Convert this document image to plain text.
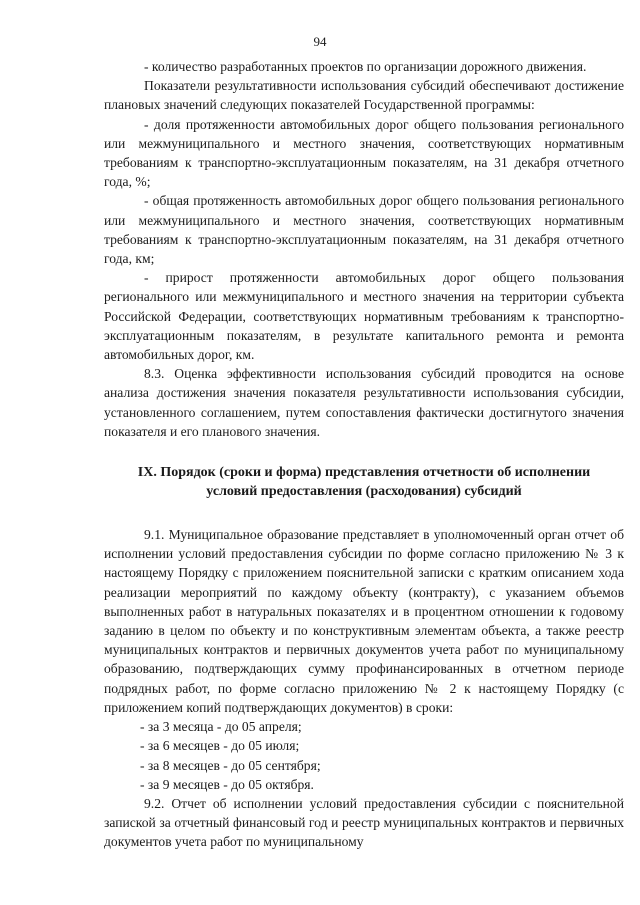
94

- количество разработанных проектов по организации дорожного движения.

Показатели результативности использования субсидий обеспечивают достижение плановых значений следующих показателей Государственной программы:

- доля протяженности автомобильных дорог общего пользования регионального или межмуниципального и местного значения, соответствующих нормативным требованиям к транспортно-эксплуатационным показателям, на 31 декабря отчетного года, %;

- общая протяженность автомобильных дорог общего пользования регионального или межмуниципального и местного значения, соответствующих нормативным требованиям к транспортно-эксплуатационным показателям, на 31 декабря отчетного года, км;

- прирост протяженности автомобильных дорог общего пользования регионального или межмуниципального и местного значения на территории субъекта Российской Федерации, соответствующих нормативным требованиям к транспортно-эксплуатационным показателям, в результате капитального ремонта и ремонта автомобильных дорог, км.

8.3. Оценка эффективности использования субсидий проводится на основе анализа достижения значения показателя результативности использования субсидии, установленного соглашением, путем сопоставления фактически достигнутого значения показателя и его планового значения.

IX. Порядок (сроки и форма) представления отчетности об исполнении
условий предоставления (расходования) субсидий

9.1. Муниципальное образование представляет в уполномоченный орган отчет об исполнении условий предоставления субсидии по форме согласно приложению № 3 к настоящему Порядку с приложением пояснительной записки с кратким описанием хода реализации мероприятий по каждому объекту (контракту), с указанием объемов выполненных работ в натуральных показателях и в процентном отношении к годовому заданию в целом по объекту и по конструктивным элементам объекта, а также реестр муниципальных контрактов и первичных документов учета работ по муниципальному образованию, подтверждающих сумму профинансированных в отчетном периоде подрядных работ, по форме согласно приложению № 2 к настоящему Порядку (с приложением копий подтверждающих документов) в сроки:

- за 3 месяца - до 05 апреля;

- за 6 месяцев - до 05 июля;

- за 8 месяцев - до 05 сентября;

- за 9 месяцев - до 05 октября.

9.2. Отчет об исполнении условий предоставления субсидии с пояснительной запиской за отчетный финансовый год и реестр муниципальных контрактов и первичных документов учета работ по муниципальному
